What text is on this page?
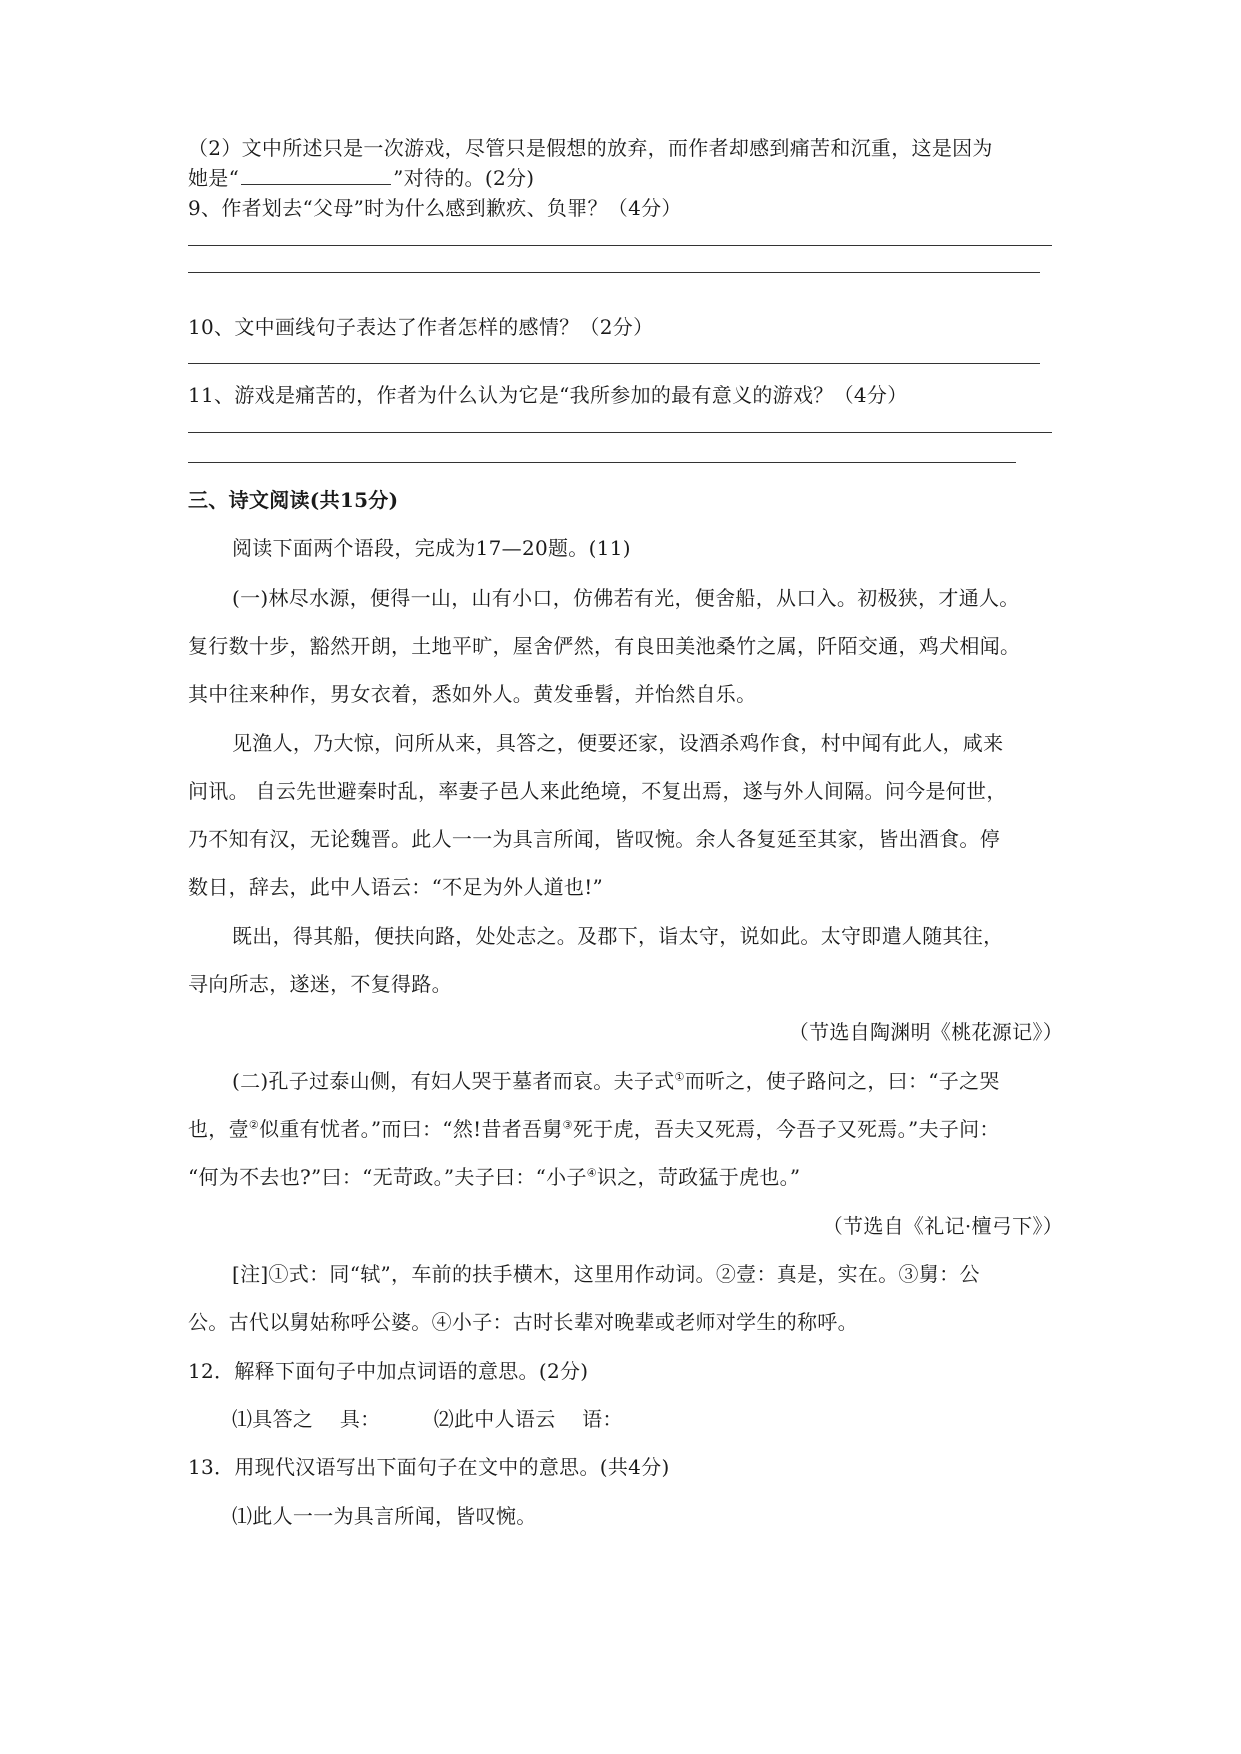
（2）文中所述只是一次游戏，尽管只是假想的放弃，而作者却感到痛苦和沉重，这是因为
她是“	”对待的。(2分)
9、作者划去“父母”时为什么感到歉疚、负罪？（4分）
10、文中画线句子表达了作者怎样的感情？（2分）
11、游戏是痛苦的，作者为什么认为它是“我所参加的最有意义的游戏？（4分）
三、诗文阅读(共15分)
阅读下面两个语段，完成为17—20题。(11)
(一)林尽水源，便得一山，山有小口，仿佛若有光，便舍船，从口入。初极狭，才通人。
复行数十步，豁然开朗，土地平旷，屋舍俨然，有良田美池桑竹之属，阡陌交通，鸡犬相闻。
其中往来种作，男女衣着，悉如外人。黄发垂髫，并怡然自乐。
见渔人，乃大惊，问所从来，具答之，便要还家，设酒杀鸡作食，村中闻有此人，咸来
问讯。 自云先世避秦时乱，率妻子邑人来此绝境，不复出焉，遂与外人间隔。问今是何世，
乃不知有汉，无论魏晋。此人一一为具言所闻，皆叹惋。余人各复延至其家，皆出酒食。停
数日，辞去，此中人语云：“不足为外人道也!”
既出，得其船，便扶向路，处处志之。及郡下，诣太守，说如此。太守即遣人随其往，
寻向所志，遂迷，不复得路。
（节选自陶渊明《桃花源记》）
(二)孔子过泰山侧，有妇人哭于墓者而哀。夫子式①而听之，使子路问之，曰：“子之哭
也，壹②似重有忧者。”而曰：“然!昔者吾舅③死于虎，吾夫又死焉，今吾子又死焉。”夫子问：
“何为不去也?”曰：“无苛政。”夫子曰：“小子④识之，苛政猛于虎也。”
（节选自《礼记·檀弓下》）
[注]①式：同“轼”，车前的扶手横木，这里用作动词。②壹：真是，实在。③舅：公
公。古代以舅姑称呼公婆。④小子：古时长辈对晚辈或老师对学生的称呼。
12．解释下面句子中加点词语的意思。(2分)
⑴具答之    具：        ⑵此中人语云    语：
13．用现代汉语写出下面句子在文中的意思。(共4分)
⑴此人一一为具言所闻，皆叹惋。
